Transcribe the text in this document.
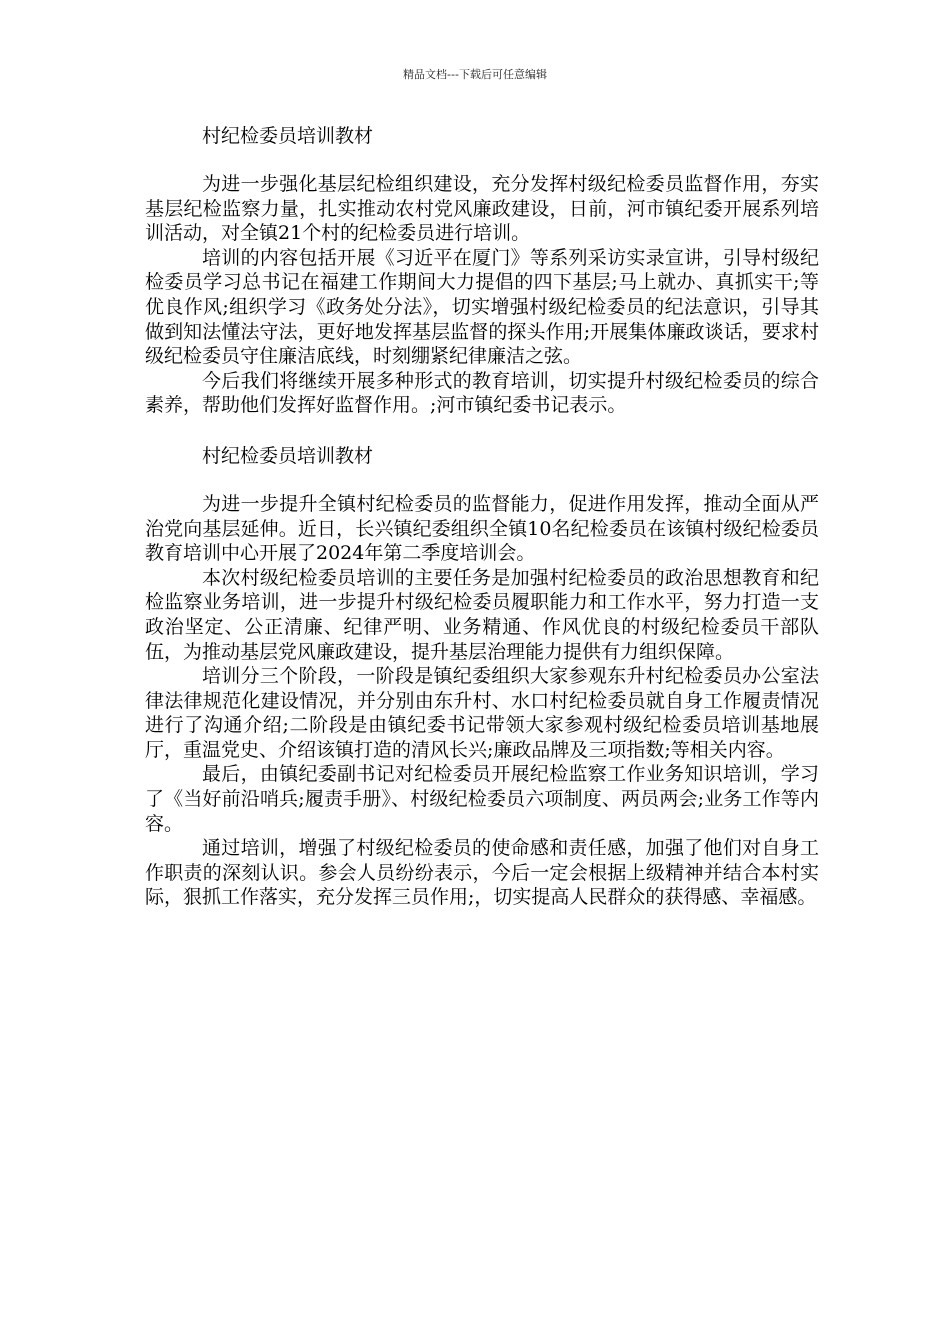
精品文档---下载后可任意编辑
村纪检委员培训教材

为进一步强化基层纪检组织建设，充分发挥村级纪检委员监督作用，夯实基层纪检监察力量，扎实推动农村党风廉政建设，日前，河市镇纪委开展系列培训活动，对全镇21个村的纪检委员进行培训。

培训的内容包括开展《习近平在厦门》等系列采访实录宣讲，引导村级纪检委员学习总书记在福建工作期间大力提倡的四下基层;马上就办、真抓实干;等优良作风;组织学习《政务处分法》，切实增强村级纪检委员的纪法意识，引导其做到知法懂法守法，更好地发挥基层监督的探头作用;开展集体廉政谈话，要求村级纪检委员守住廉洁底线，时刻绷紧纪律廉洁之弦。

今后我们将继续开展多种形式的教育培训，切实提升村级纪检委员的综合素养，帮助他们发挥好监督作用。;河市镇纪委书记表示。

村纪检委员培训教材

为进一步提升全镇村纪检委员的监督能力，促进作用发挥，推动全面从严治党向基层延伸。近日，长兴镇纪委组织全镇10名纪检委员在该镇村级纪检委员教育培训中心开展了2024年第二季度培训会。

本次村级纪检委员培训的主要任务是加强村纪检委员的政治思想教育和纪检监察业务培训，进一步提升村级纪检委员履职能力和工作水平，努力打造一支政治坚定、公正清廉、纪律严明、业务精通、作风优良的村级纪检委员干部队伍，为推动基层党风廉政建设，提升基层治理能力提供有力组织保障。

培训分三个阶段，一阶段是镇纪委组织大家参观东升村纪检委员办公室法律法律规范化建设情况，并分别由东升村、水口村纪检委员就自身工作履责情况进行了沟通介绍;二阶段是由镇纪委书记带领大家参观村级纪检委员培训基地展厅，重温党史、介绍该镇打造的清风长兴;廉政品牌及三项指数;等相关内容。

最后，由镇纪委副书记对纪检委员开展纪检监察工作业务知识培训，学习了《当好前沿哨兵;履责手册》、村级纪检委员六项制度、两员两会;业务工作等内容。

通过培训，增强了村级纪检委员的使命感和责任感，加强了他们对自身工作职责的深刻认识。参会人员纷纷表示，今后一定会根据上级精神并结合本村实际，狠抓工作落实，充分发挥三员作用;，切实提高人民群众的获得感、幸福感。
